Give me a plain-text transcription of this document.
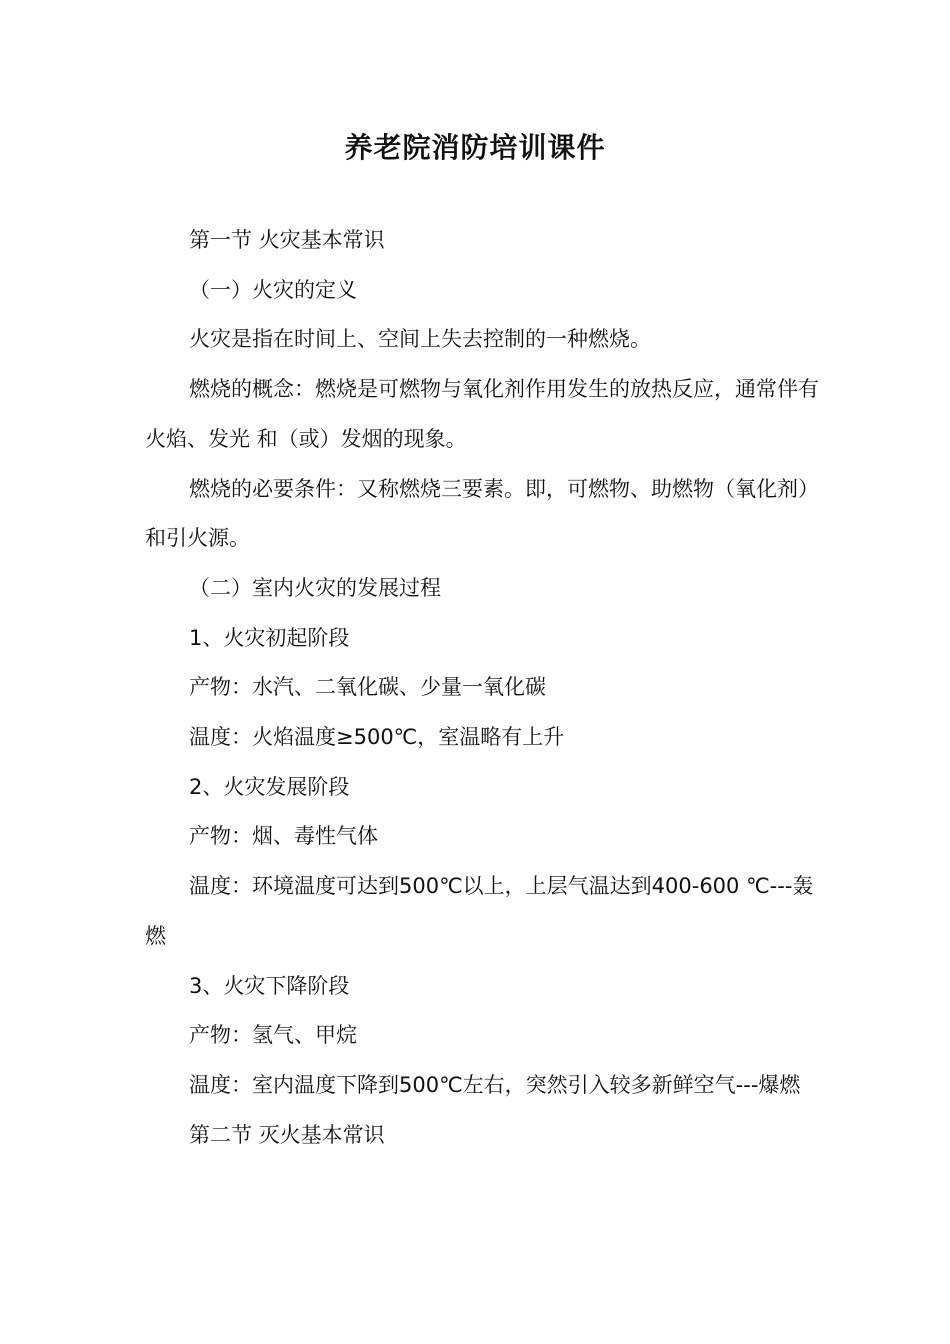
养老院消防培训课件

第一节 火灾基本常识

（一）火灾的定义

火灾是指在时间上、空间上失去控制的一种燃烧。

燃烧的概念：燃烧是可燃物与氧化剂作用发生的放热反应，通常伴有火焰、发光 和（或）发烟的现象。

燃烧的必要条件：又称燃烧三要素。即，可燃物、助燃物（氧化剂）和引火源。

（二）室内火灾的发展过程

1、火灾初起阶段

产物：水汽、二氧化碳、少量一氧化碳

温度：火焰温度≥500℃，室温略有上升

2、火灾发展阶段

产物：烟、毒性气体

温度：环境温度可达到500℃以上，上层气温达到400-600 ℃---轰燃

3、火灾下降阶段

产物：氢气、甲烷

温度：室内温度下降到500℃左右，突然引入较多新鲜空气---爆燃

第二节 灭火基本常识
